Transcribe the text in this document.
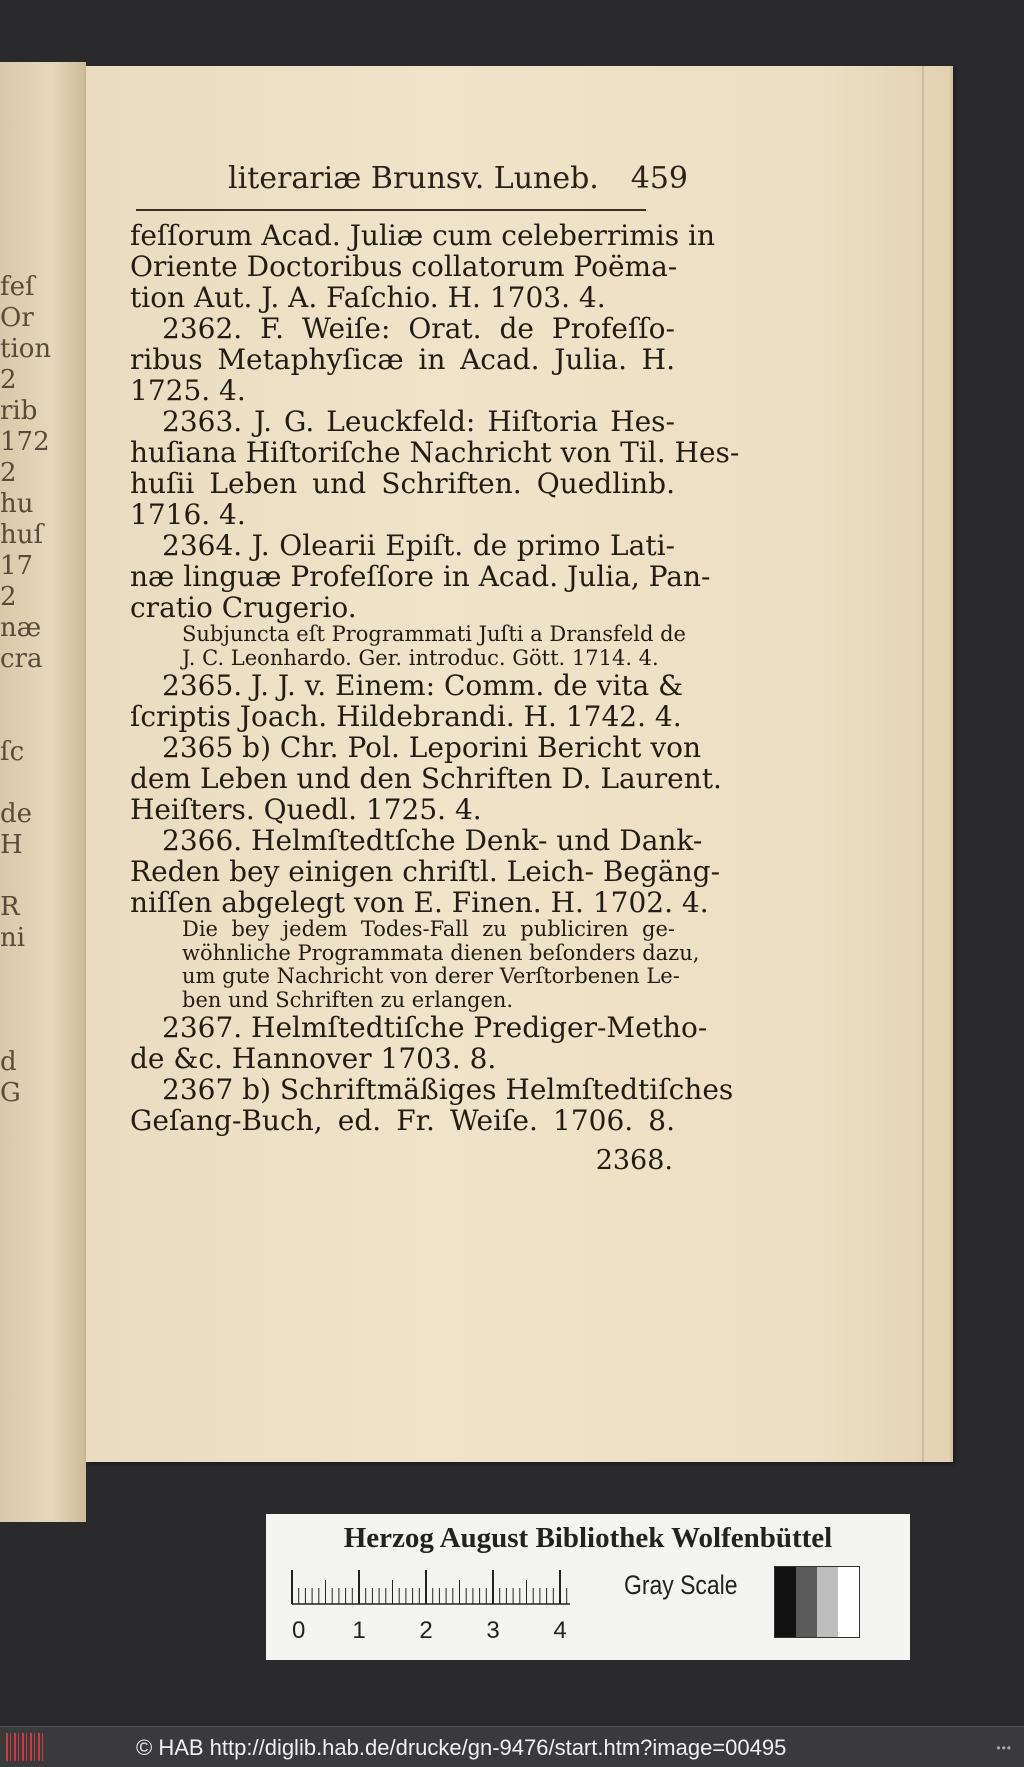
feſ
Or
tion
2
rib
172
2
hu
huſ
17
2
næ
cra

ſc

de
H

R
ni

d
G
literariæ Brunsv. Luneb. 459
feſſorum Acad. Juliæ cum celeberrimis in
Oriente Doctoribus collatorum Poëma-
tion Aut. J. A. Faſchio. H. 1703. 4.
2362. F. Weiſe: Orat. de Profeſſo-
ribus Metaphyſicæ in Acad. Julia. H.
1725. 4.
2363. J. G. Leuckfeld: Hiſtoria Hes-
huſiana Hiſtoriſche Nachricht von Til. Hes-
huſii Leben und Schriften. Quedlinb.
1716. 4.
2364. J. Olearii Epiſt. de primo Lati-
næ linguæ Profeſſore in Acad. Julia, Pan-
cratio Crugerio.
Subjuncta eſt Programmati Juſti a Dransfeld de
J. C. Leonhardo. Ger. introduc. Gött. 1714. 4.
2365. J. J. v. Einem: Comm. de vita &
ſcriptis Joach. Hildebrandi. H. 1742. 4.
2365 b) Chr. Pol. Leporini Bericht von
dem Leben und den Schriften D. Laurent.
Heiſters. Quedl. 1725. 4.
2366. Helmſtedtſche Denk- und Dank-
Reden bey einigen chriſtl. Leich- Begäng-
niſſen abgelegt von E. Finen. H. 1702. 4.
Die bey jedem Todes-Fall zu publiciren ge-
wöhnliche Programmata dienen beſonders dazu,
um gute Nachricht von derer Verſtorbenen Le-
ben und Schriften zu erlangen.
2367. Helmſtedtiſche Prediger-Metho-
de &c. Hannover 1703. 8.
2367 b) Schriftmäßiges Helmſtedtiſches
Geſang-Buch, ed. Fr. Weiſe. 1706. 8.
2368.
Herzog August Bibliothek Wolfenbüttel
0 1 2 3 4
Gray Scale
© HAB http://diglib.hab.de/drucke/gn-9476/start.htm?image=00495	•••
